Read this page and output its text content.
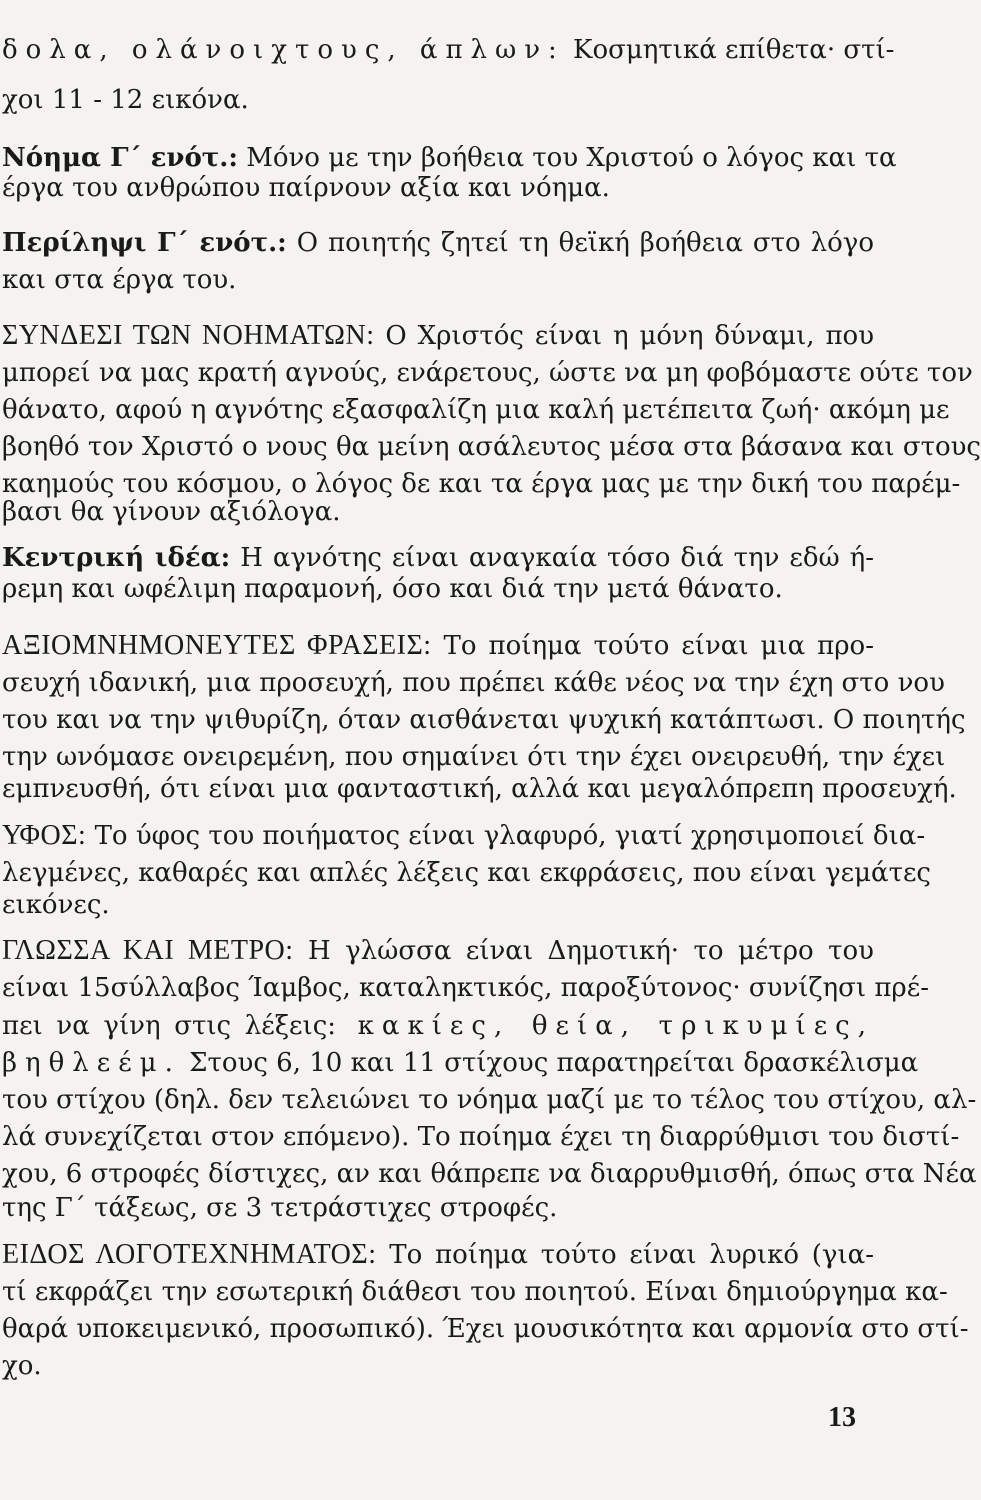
δολα, ολάνοιχτους, άπλων: Κοσμητικά επίθετα· στί-
χοι 11 - 12 εικόνα.
Νόημα Γ΄ ενότ.: Μόνο με την βοήθεια του Χριστού ο λόγος και τα
έργα του ανθρώπου παίρνουν αξία και νόημα.
Περίληψι Γ΄ ενότ.: Ο ποιητής ζητεί τη θεϊκή βοήθεια στο λόγο
και στα έργα του.
ΣΥΝΔΕΣΙ ΤΩΝ ΝΟΗΜΑΤΩΝ: Ο Χριστός είναι η μόνη δύναμι, που
μπορεί να μας κρατή αγνούς, ενάρετους, ώστε να μη φοβόμαστε ούτε τον
θάνατο, αφού η αγνότης εξασφαλίζη μια καλή μετέπειτα ζωή· ακόμη με
βοηθό τον Χριστό ο νους θα μείνη ασάλευτος μέσα στα βάσανα και στους
καημούς του κόσμου, ο λόγος δε και τα έργα μας με την δική του παρέμ-
βασι θα γίνουν αξιόλογα.
Κεντρική ιδέα: Η αγνότης είναι αναγκαία τόσο διά την εδώ ή-
ρεμη και ωφέλιμη παραμονή, όσο και διά την μετά θάνατο.
ΑΞΙΟΜΝΗΜΟΝΕΥΤΕΣ ΦΡΑΣΕΙΣ: Το ποίημα τούτο είναι μια προ-
σευχή ιδανική, μια προσευχή, που πρέπει κάθε νέος να την έχη στο νου
του και να την ψιθυρίζη, όταν αισθάνεται ψυχική κατάπτωσι. Ο ποιητής
την ωνόμασε ονειρεμένη, που σημαίνει ότι την έχει ονειρευθή, την έχει
εμπνευσθή, ότι είναι μια φανταστική, αλλά και μεγαλόπρεπη προσευχή.
ΥΦΟΣ: Το ύφος του ποιήματος είναι γλαφυρό, γιατί χρησιμοποιεί δια-
λεγμένες, καθαρές και απλές λέξεις και εκφράσεις, που είναι γεμάτες
εικόνες.
ΓΛΩΣΣΑ ΚΑΙ ΜΕΤΡΟ: Η γλώσσα είναι Δημοτική· το μέτρο του
είναι 15σύλλαβος Ίαμβος, καταληκτικός, παροξύτονος· συνίζησι πρέ-
πει να γίνη στις λέξεις: κακίες, θεία, τρικυμίες,
βηθλεέμ. Στους 6, 10 και 11 στίχους παρατηρείται δρασκέλισμα
του στίχου (δηλ. δεν τελειώνει το νόημα μαζί με το τέλος του στίχου, αλ-
λά συνεχίζεται στον επόμενο). Το ποίημα έχει τη διαρρύθμισι του διστί-
χου, 6 στροφές δίστιχες, αν και θάπρεπε να διαρρυθμισθή, όπως στα Νέα
της Γ΄ τάξεως, σε 3 τετράστιχες στροφές.
ΕΙΔΟΣ ΛΟΓΟΤΕΧΝΗΜΑΤΟΣ: Το ποίημα τούτο είναι λυρικό (για-
τί εκφράζει την εσωτερική διάθεσι του ποιητού. Είναι δημιούργημα κα-
θαρά υποκειμενικό, προσωπικό). Έχει μουσικότητα και αρμονία στο στί-
χο.
13
